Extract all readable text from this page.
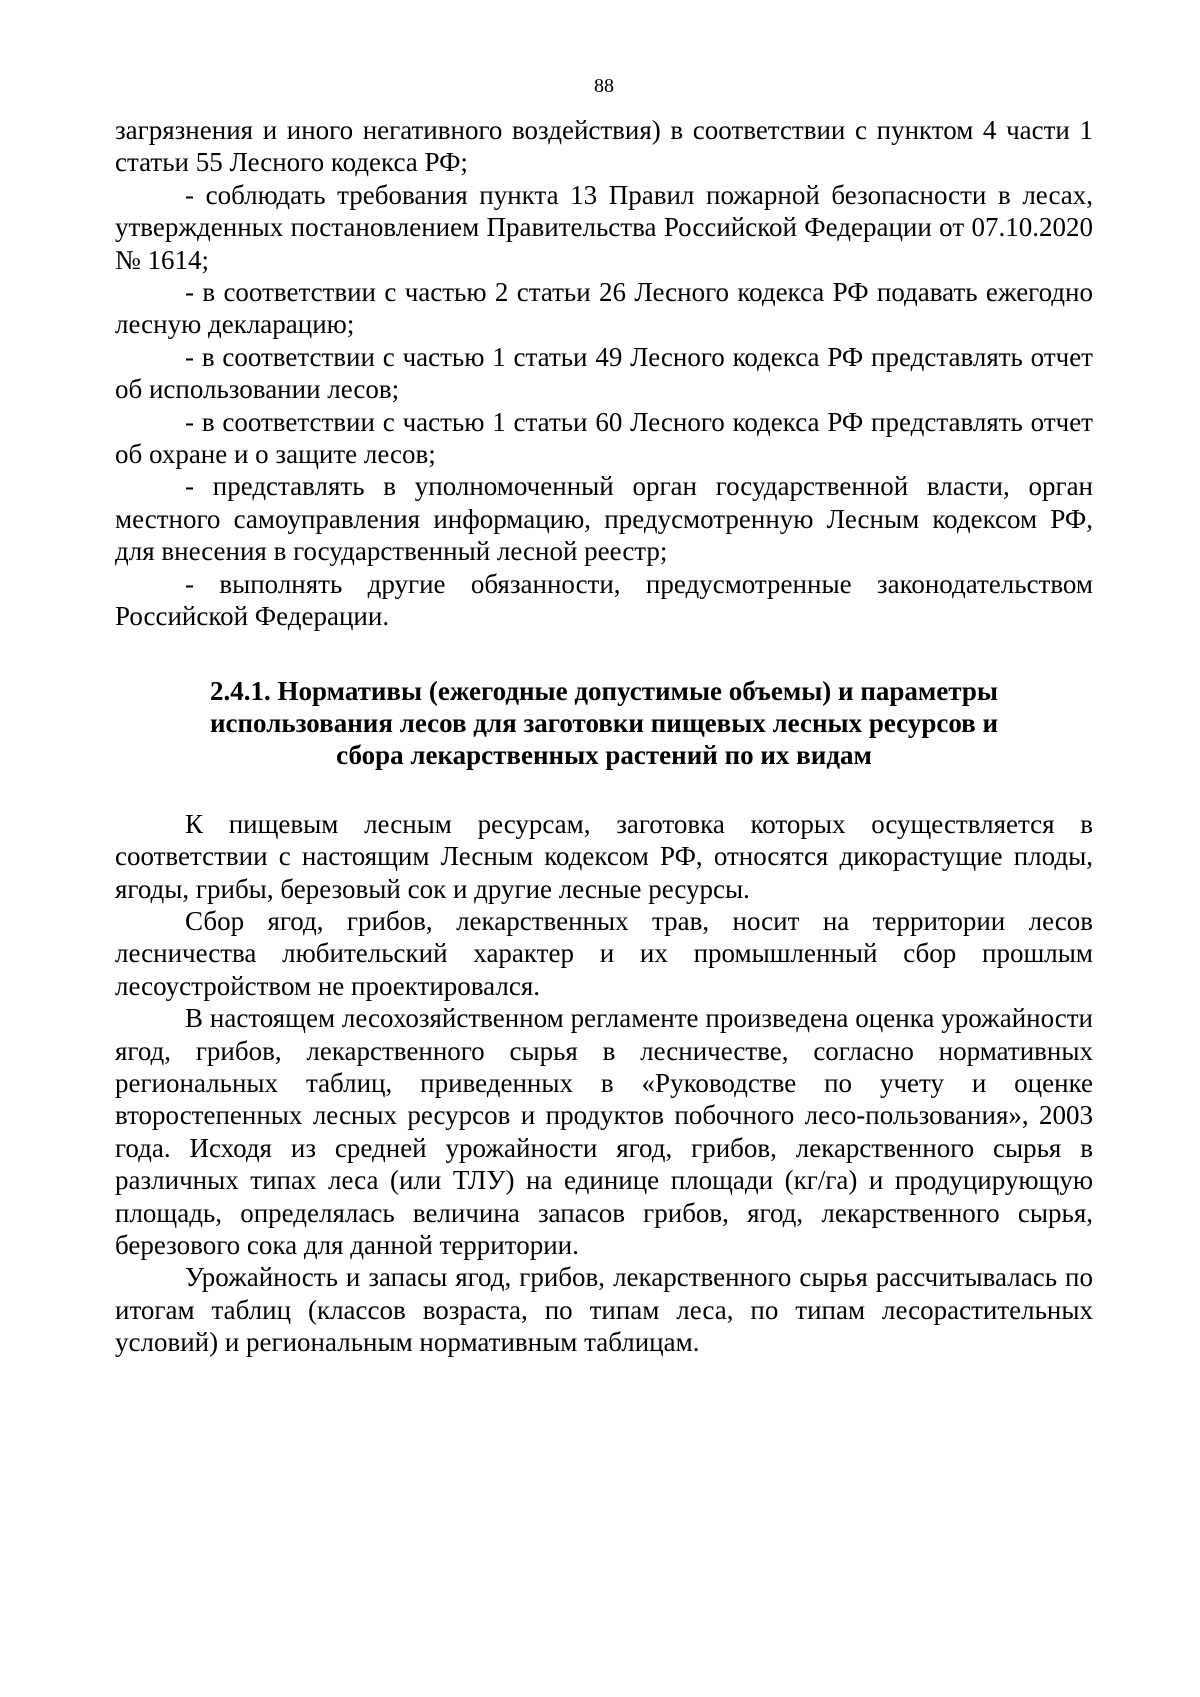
88

загрязнения и иного негативного воздействия) в соответствии с пунктом 4 части 1 статьи 55 Лесного кодекса РФ;

- соблюдать требования пункта 13 Правил пожарной безопасности в лесах, утвержденных постановлением Правительства Российской Федерации от 07.10.2020 № 1614;

- в соответствии с частью 2 статьи 26 Лесного кодекса РФ подавать ежегодно лесную декларацию;

- в соответствии с частью 1 статьи 49 Лесного кодекса РФ представлять отчет об использовании лесов;

- в соответствии с частью 1 статьи 60 Лесного кодекса РФ представлять отчет об охране и о защите лесов;

- представлять в уполномоченный орган государственной власти, орган местного самоуправления информацию, предусмотренную Лесным кодексом РФ, для внесения в государственный лесной реестр;

- выполнять другие обязанности, предусмотренные законодательством Российской Федерации.

2.4.1. Нормативы (ежегодные допустимые объемы) и параметры использования лесов для заготовки пищевых лесных ресурсов и сбора лекарственных растений по их видам

К пищевым лесным ресурсам, заготовка которых осуществляется в соответствии с настоящим Лесным кодексом РФ, относятся дикорастущие плоды, ягоды, грибы, березовый сок и другие лесные ресурсы.

Сбор ягод, грибов, лекарственных трав, носит на территории лесов лесничества любительский характер и их промышленный сбор прошлым лесоустройством не проектировался.

В настоящем лесохозяйственном регламенте произведена оценка урожайности ягод, грибов, лекарственного сырья в лесничестве, согласно нормативных региональных таблиц, приведенных в «Руководстве по учету и оценке второстепенных лесных ресурсов и продуктов побочного лесо-пользования», 2003 года. Исходя из средней урожайности ягод, грибов, лекарственного сырья в различных типах леса (или ТЛУ) на единице площади (кг/га) и продуцирующую площадь, определялась величина запасов грибов, ягод, лекарственного сырья, березового сока для данной территории.

Урожайность и запасы ягод, грибов, лекарственного сырья рассчитывалась по итогам таблиц (классов возраста, по типам леса, по типам лесорастительных условий) и региональным нормативным таблицам.
